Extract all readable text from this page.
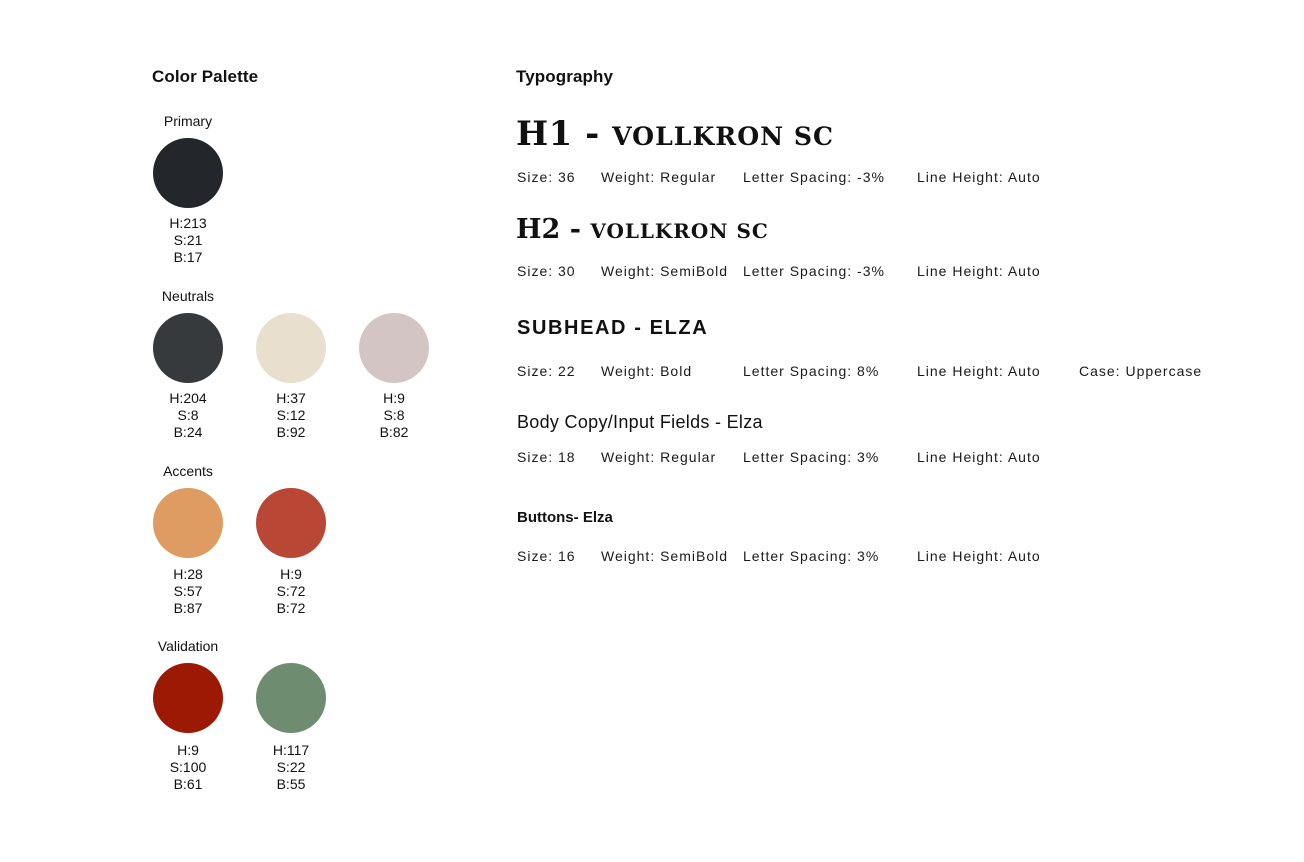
Color Palette
Primary
H:213
S:21
B:17
Neutrals
H:204
S:8
B:24
H:37
S:12
B:92
H:9
S:8
B:82
Accents
H:28
S:57
B:87
H:9
S:72
B:72
Validation
H:9
S:100
B:61
H:117
S:22
B:55
Typography
H1 - VOLLKRON SC
Size: 36 Weight: Regular Letter Spacing: -3% Line Height: Auto
H2 - VOLLKRON SC
Size: 30 Weight: SemiBold Letter Spacing: -3% Line Height: Auto
SUBHEAD - ELZA
Size: 22 Weight: Bold	Letter Spacing: 8%	Line Height: Auto	Case: Uppercase
Body Copy/Input Fields - Elza
Size: 18 Weight: Regular Letter Spacing: 3%	Line Height: Auto
Buttons- Elza
Size: 16 Weight: SemiBold Letter Spacing: 3%	Line Height: Auto
